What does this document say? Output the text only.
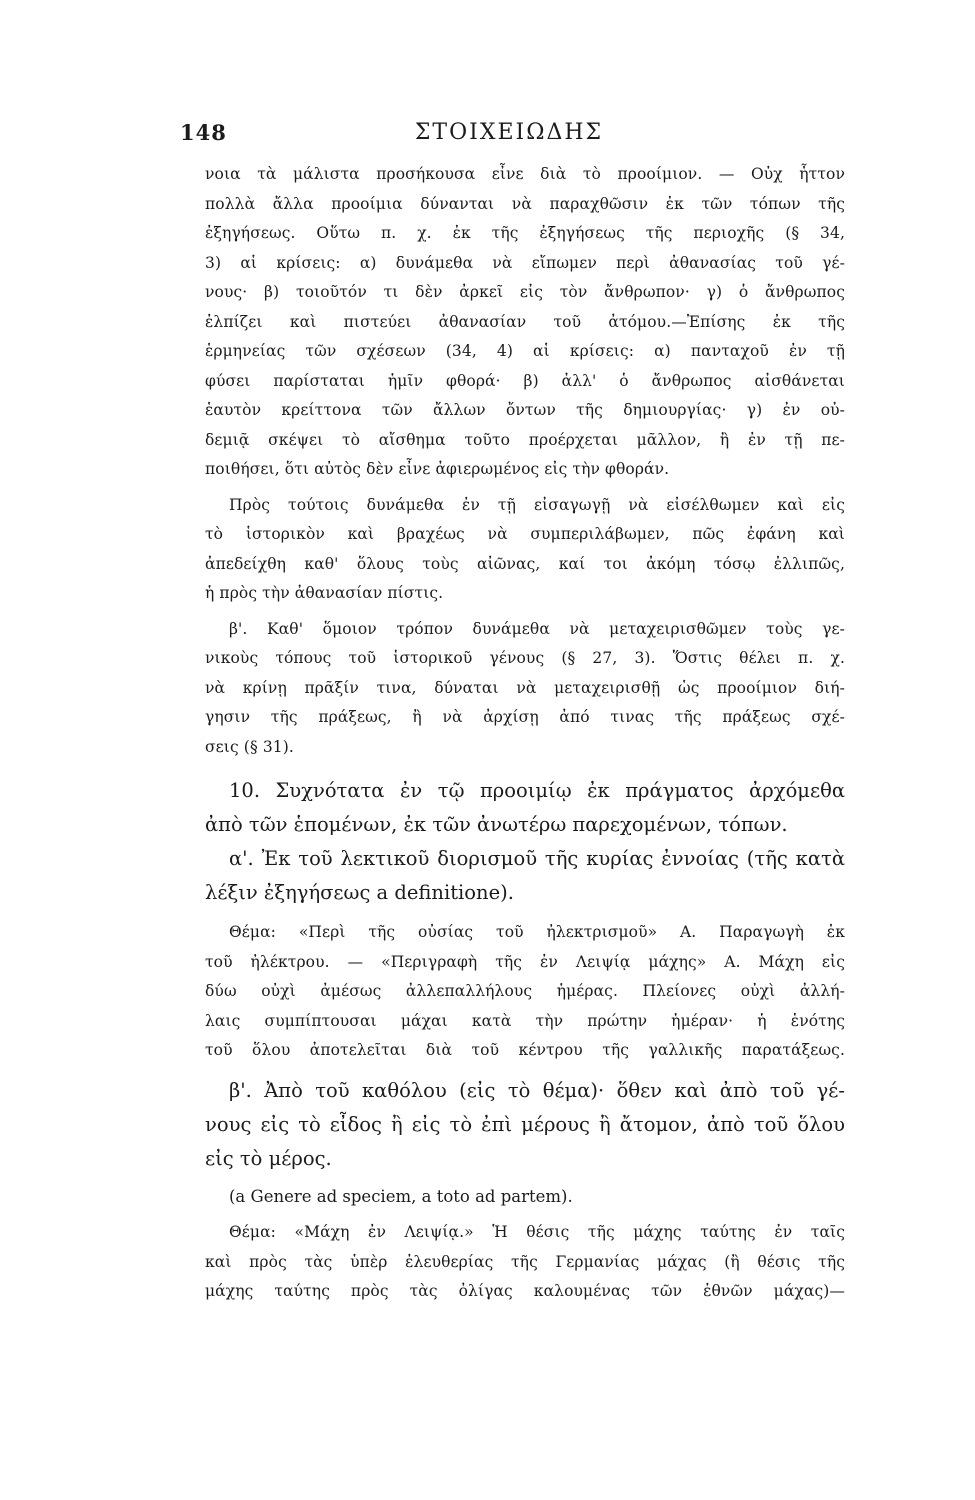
148	ΣΤΟΙΧΕΙΩΔΗΣ
νοια τὰ μάλιστα προσήκουσα εἶνε διὰ τὸ προοίμιον. — Οὐχ ἧττον
πολλὰ ἄλλα προοίμια δύνανται νὰ παραχθῶσιν ἐκ τῶν τόπων τῆς
ἐξηγήσεως. Οὕτω π. χ. ἐκ τῆς ἐξηγήσεως τῆς περιοχῆς (§ 34,
3) αἱ κρίσεις: α) δυνάμεθα νὰ εἴπωμεν περὶ ἀθανασίας τοῦ γέ-
νους· β) τοιοῦτόν τι δὲν ἀρκεῖ εἰς τὸν ἄνθρωπον· γ) ὁ ἄνθρωπος
ἐλπίζει καὶ πιστεύει ἀθανασίαν τοῦ ἀτόμου.—Ἐπίσης ἐκ τῆς
ἑρμηνείας τῶν σχέσεων (34, 4) αἱ κρίσεις: α) πανταχοῦ ἐν τῇ
φύσει παρίσταται ἡμῖν φθορά· β) ἀλλ' ὁ ἄνθρωπος αἰσθάνεται
ἑαυτὸν κρείττονα τῶν ἄλλων ὄντων τῆς δημιουργίας· γ) ἐν οὐ-
δεμιᾷ σκέψει τὸ αἴσθημα τοῦτο προέρχεται μᾶλλον, ἢ ἐν τῇ πε-
ποιθήσει, ὅτι αὐτὸς δὲν εἶνε ἀφιερωμένος εἰς τὴν φθοράν.
Πρὸς τούτοις δυνάμεθα ἐν τῇ εἰσαγωγῇ νὰ εἰσέλθωμεν καὶ εἰς
τὸ ἱστορικὸν καὶ βραχέως νὰ συμπεριλάβωμεν, πῶς ἐφάνη καὶ
ἀπεδείχθη καθ' ὅλους τοὺς αἰῶνας, καί τοι ἀκόμη τόσῳ ἐλλιπῶς,
ἡ πρὸς τὴν ἀθανασίαν πίστις.
β'. Καθ' ὅμοιον τρόπον δυνάμεθα νὰ μεταχειρισθῶμεν τοὺς γε-
νικοὺς τόπους τοῦ ἱστορικοῦ γένους (§ 27, 3). Ὅστις θέλει π. χ.
νὰ κρίνῃ πρᾶξίν τινα, δύναται νὰ μεταχειρισθῇ ὡς προοίμιον διή-
γησιν τῆς πράξεως, ἢ νὰ ἀρχίσῃ ἀπό τινας τῆς πράξεως σχέ-
σεις (§ 31).
10. Συχνότατα ἐν τῷ προοιμίῳ ἐκ πράγματος ἀρχόμεθα
ἀπὸ τῶν ἑπομένων, ἐκ τῶν ἀνωτέρω παρεχομένων, τόπων.
α'. Ἐκ τοῦ λεκτικοῦ διορισμοῦ τῆς κυρίας ἐννοίας (τῆς κατὰ
λέξιν ἐξηγήσεως a definitione).
Θέμα: «Περὶ τῆς οὐσίας τοῦ ἠλεκτρισμοῦ» Α. Παραγωγὴ ἐκ
τοῦ ἠλέκτρου. — «Περιγραφὴ τῆς ἐν Λειψίᾳ μάχης» Α. Μάχη εἰς
δύω οὐχὶ ἀμέσως ἀλλεπαλλήλους ἡμέρας. Πλείονες οὐχὶ ἀλλή-
λαις συμπίπτουσαι μάχαι κατὰ τὴν πρώτην ἡμέραν· ἡ ἑνότης
τοῦ ὅλου ἀποτελεῖται διὰ τοῦ κέντρου τῆς γαλλικῆς παρατάξεως.
β'. Ἀπὸ τοῦ καθόλου (εἰς τὸ θέμα)· ὅθεν καὶ ἀπὸ τοῦ γέ-
νους εἰς τὸ εἶδος ἢ εἰς τὸ ἐπὶ μέρους ἢ ἄτομον, ἀπὸ τοῦ ὅλου
εἰς τὸ μέρος.
(a Genere ad speciem, a toto ad partem).
Θέμα: «Μάχη ἐν Λειψίᾳ.» Ἡ θέσις τῆς μάχης ταύτης ἐν ταῖς
καὶ πρὸς τὰς ὑπὲρ ἐλευθερίας τῆς Γερμανίας μάχας (ἢ θέσις τῆς
μάχης ταύτης πρὸς τὰς ὀλίγας καλουμένας τῶν ἐθνῶν μάχας)—
